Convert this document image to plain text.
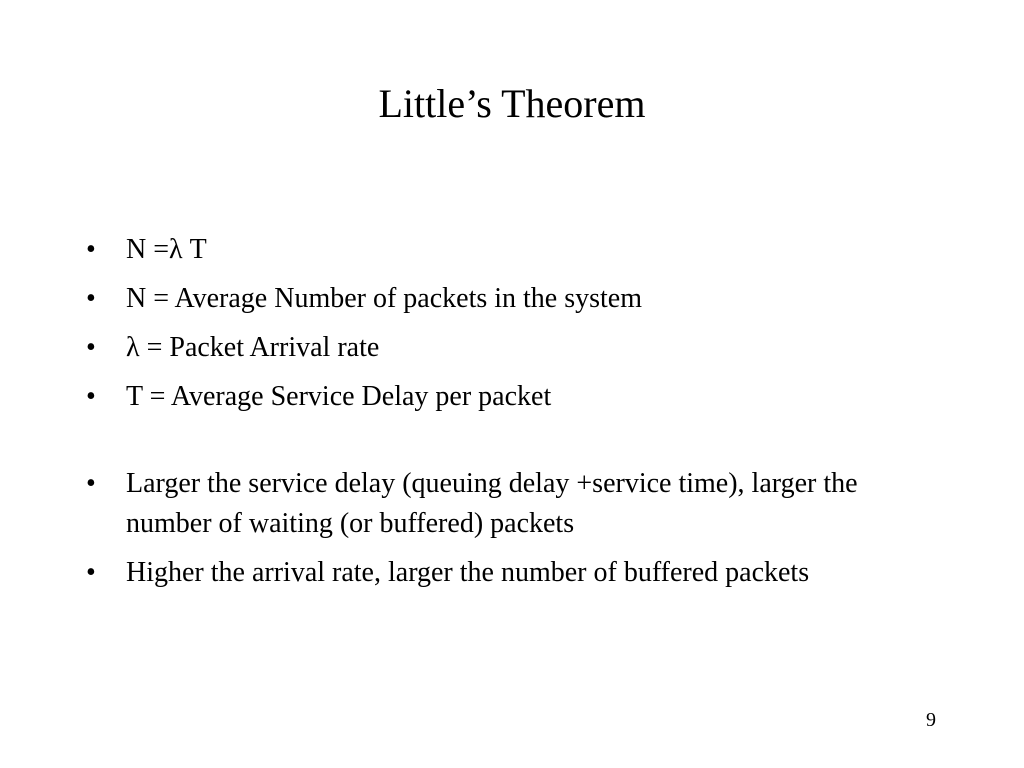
Little’s Theorem
•	N =λ T
•	N = Average Number of packets in the system
•	λ = Packet Arrival rate
•	T = Average Service Delay per packet
•	Larger the service delay (queuing delay +service time), larger the number of waiting (or buffered) packets
•	Higher the arrival rate, larger the number of buffered packets
9
